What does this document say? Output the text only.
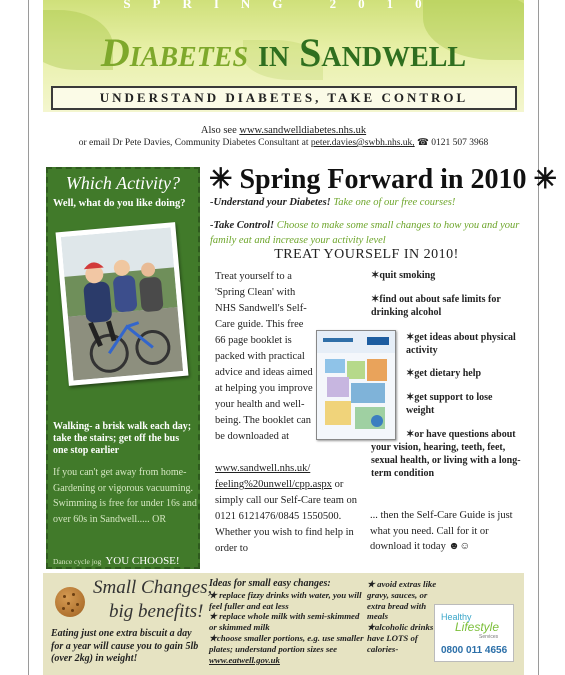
SPRING 2010
Diabetes in Sandwell
UNDERSTAND DIABETES, TAKE CONTROL
Also see www.sandwelldiabetes.nhs.uk
or email Dr Pete Davies, Community Diabetes Consultant at peter.davies@swbh.nhs.uk, ☎ 0121 507 3968
Which Activity?
Well, what do you like doing?
Walking- a brisk walk each day; take the stairs; get off the bus one stop earlier
If you can't get away from home- Gardening or vigorous vacuuming. Swimming is free for under 16s and over 60s in Sandwell..... OR
Dance cycle jog YOU CHOOSE!
✳ Spring Forward in 2010 ✳
-Understand your Diabetes! Take one of our free courses!
-Take Control! Choose to make some small changes to how you and your family eat and increase your activity level
TREAT YOURSELF IN 2010!
Treat yourself to a 'Spring Clean' with NHS Sandwell's Self-Care guide. This free 66 page booklet is packed with practical advice and ideas aimed at helping you improve your health and well-being. The booklet can be downloaded at
www.sandwell.nhs.uk/ feeling%20unwell/cpp.aspx or simply call our Self-Care team on 0121 6121476/0845 1550500. Whether you wish to find help in order to
✶quit smoking
✶find out about safe limits for drinking alcohol
✶get ideas about physical activity
✶get dietary help
✶get support to lose weight
✶or have questions about your vision, hearing, teeth, feet, sexual health, or living with a long-term condition
... then the Self-Care Guide is just what you need. Call for it or download it today ☻☺
Small Changes,
big benefits!
Eating just one extra biscuit a day for a year will cause you to gain 5lb (over 2kg) in weight!
Ideas for small easy changes:
★ replace fizzy drinks with water, you will feel fuller and eat less
★ replace whole milk with semi-skimmed or skimmed milk
★choose smaller portions, e.g. use smaller plates; understand portion sizes see www.eatwell.gov.uk
★ avoid extras like gravy, sauces, or extra bread with meals
★alcoholic drinks have LOTS of calories-
Healthy
Lifestyle
Services
0800 011 4656
